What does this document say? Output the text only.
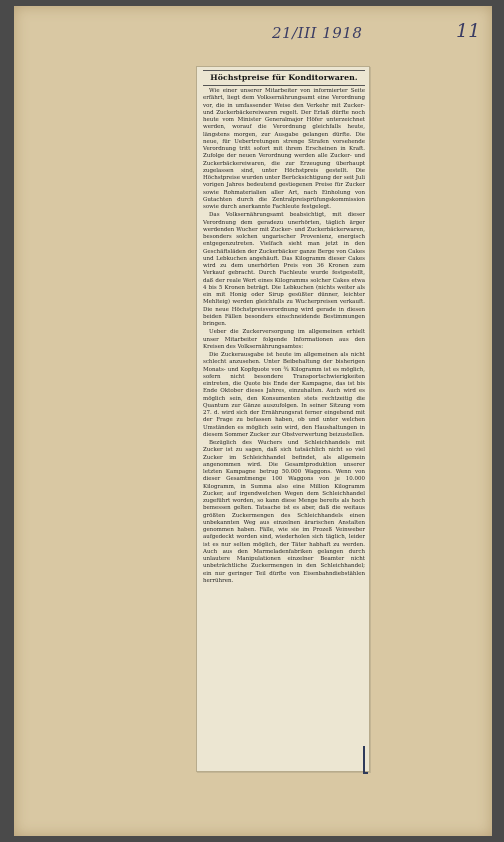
21/III 1918	11
Höchstpreise für Konditorwaren.

Wie einer unserer Mitarbeiter von informierter Seite erfährt, liegt dem Volksernährungsamt eine Verordnung vor, die in umfassender Weise den Verkehr mit Zucker- und Zuckerbäckereiwaren regelt. Der Erlaß dürfte noch heute vom Minister Generalmajor Höfer unterzeichnet werden, worauf die Verordnung gleichfalls heute, längstens morgen, zur Ausgabe gelangen dürfte. Die neue, für Uebertretungen strenge Strafen vorsehende Verordnung tritt sofort mit ihrem Erscheinen in Kraft. Zufolge der neuen Verordnung werden alle Zucker- und Zuckerbäckereiwaren, die zur Erzeugung überhaupt zugelassen sind, unter Höchstpreis gestellt. Die Höchstpreise wurden unter Berücksichtigung der seit Juli vorigen Jahres bedeutend gestiegenen Preise für Zucker sowie Rohmaterialien aller Art, nach Einholung von Gutachten durch die Zentralpreisprüfungskommission sowie durch anerkannte Fachleute festgelegt.

Das Volksernährungsamt beabsichtigt, mit dieser Verordnung dem geradezu unerhörten, täglich ärger werdenden Wucher mit Zucker- und Zuckerbäckerwaren, besonders solchen ungarischer Provenienz, energisch entgegenzutreten. Vielfach sieht man jetzt in den Geschäftsläden der Zuckerbäcker ganze Berge von Cakes und Lebkuchen angehäuft. Das Kilogramm dieser Cakes wird zu dem unerhörten Preis von 36 Kronen zum Verkauf gebracht. Durch Fachleute wurde festgestellt, daß der reale Wert eines Kilogramms solcher Cakes etwa 4 bis 5 Kronen beträgt. Die Lebkuchen (nichts weiter als ein mit Honig oder Sirup gesüßter dünner, leichter Mehlteig) werden gleichfalls zu Wucherpreisen verkauft. Die neue Höchstpreisverordnung wird gerade in diesen beiden Fällen besonders einschneidende Bestimmungen bringen.

Ueber die Zuckerversorgung im allgemeinen erhielt unser Mitarbeiter folgende Informationen aus den Kreisen des Volksernährungsamtes:

Die Zuckerausgabe ist heute im allgemeinen als nicht schlecht anzusehen. Unter Beibehaltung der bisherigen Monats- und Kopfquote von ¾ Kilogramm ist es möglich, sofern nicht besondere Transportschwierigkeiten eintreten, die Quote bis Ende der Kampagne, das ist bis Ende Oktober dieses Jahres, einzuhalten. Auch wird es möglich sein, den Konsumenten stets rechtzeitig die Quantum zur Gänze auszufolgen. In seiner Sitzung vom 27. d. wird sich der Ernährungsrat ferner eingehend mit der Frage zu befassen haben, ob und unter welchen Umständen es möglich sein wird, den Haushaltungen in diesem Sommer Zucker zur Obstverwertung beizustellen.

Bezüglich des Wuchers und Schleichhandels mit Zucker ist zu sagen, daß sich tatsächlich nicht so viel Zucker im Schleichhandel befindet, als allgemein angenommen wird. Die Gesamtproduktion unserer letzten Kampagne betrug 50.000 Waggons. Wenn von dieser Gesamtmenge 100 Waggons von je 10.000 Kilogramm, in Summa also eine Million Kilogramm Zucker, auf irgendwelchen Wegen dem Schleichhandel zugeführt worden, so kann diese Menge bereits als hoch bemessen gelten. Tatsache ist es aber, daß die weitaus größten Zuckermengen des Schleichhandels einen unbekannten Weg aus einzelnen ärarischen Anstalten genommen haben. Fälle, wie sie im Prozeß Veinweber aufgedeckt worden sind, wiederholen sich täglich, leider ist es nur selten möglich, der Täter habhaft zu werden. Auch aus den Marmeladenfabriken gelangen durch unlautere Manipulationen einzelner Beamter nicht unbeträchtliche Zuckermengen in den Schleichhandel; ein nur geringer Teil dürfte von Eisenbahndiebstählen herrühren.
